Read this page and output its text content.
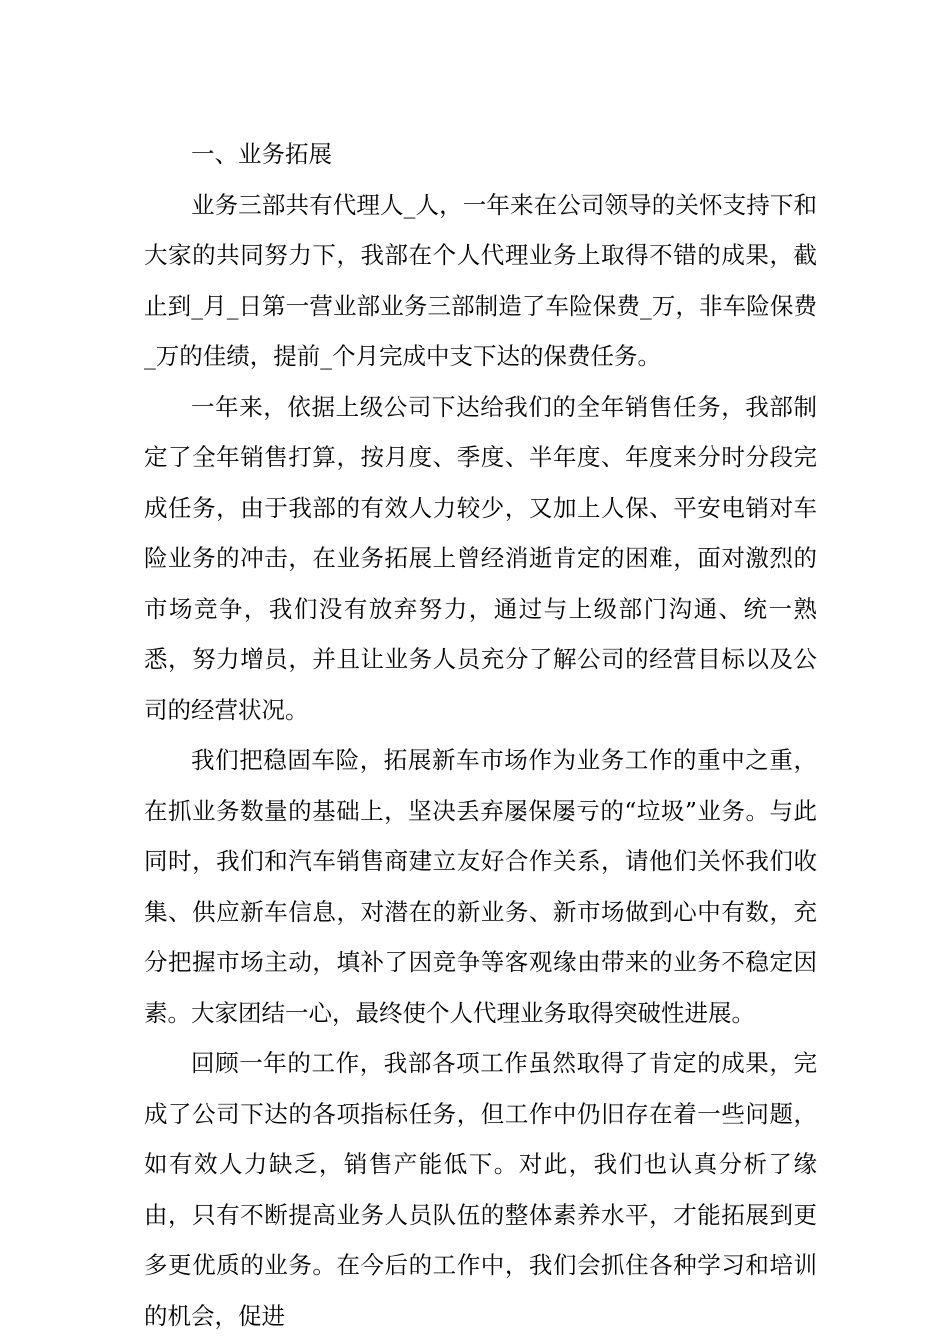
一、业务拓展

业务三部共有代理人_人，一年来在公司领导的关怀支持下和大家的共同努力下，我部在个人代理业务上取得不错的成果，截止到_月_日第一营业部业务三部制造了车险保费_万，非车险保费_万的佳绩，提前_个月完成中支下达的保费任务。

一年来，依据上级公司下达给我们的全年销售任务，我部制定了全年销售打算，按月度、季度、半年度、年度来分时分段完成任务，由于我部的有效人力较少，又加上人保、平安电销对车险业务的冲击，在业务拓展上曾经消逝肯定的困难，面对激烈的市场竞争，我们没有放弃努力，通过与上级部门沟通、统一熟悉，努力增员，并且让业务人员充分了解公司的经营目标以及公司的经营状况。

我们把稳固车险，拓展新车市场作为业务工作的重中之重，在抓业务数量的基础上，坚决丢弃屡保屡亏的“垃圾”业务。与此同时，我们和汽车销售商建立友好合作关系，请他们关怀我们收集、供应新车信息，对潜在的新业务、新市场做到心中有数，充分把握市场主动，填补了因竞争等客观缘由带来的业务不稳定因素。大家团结一心，最终使个人代理业务取得突破性进展。

回顾一年的工作，我部各项工作虽然取得了肯定的成果，完成了公司下达的各项指标任务，但工作中仍旧存在着一些问题，如有效人力缺乏，销售产能低下。对此，我们也认真分析了缘由，只有不断提高业务人员队伍的整体素养水平，才能拓展到更多更优质的业务。在今后的工作中，我们会抓住各种学习和培训的机会，促进
